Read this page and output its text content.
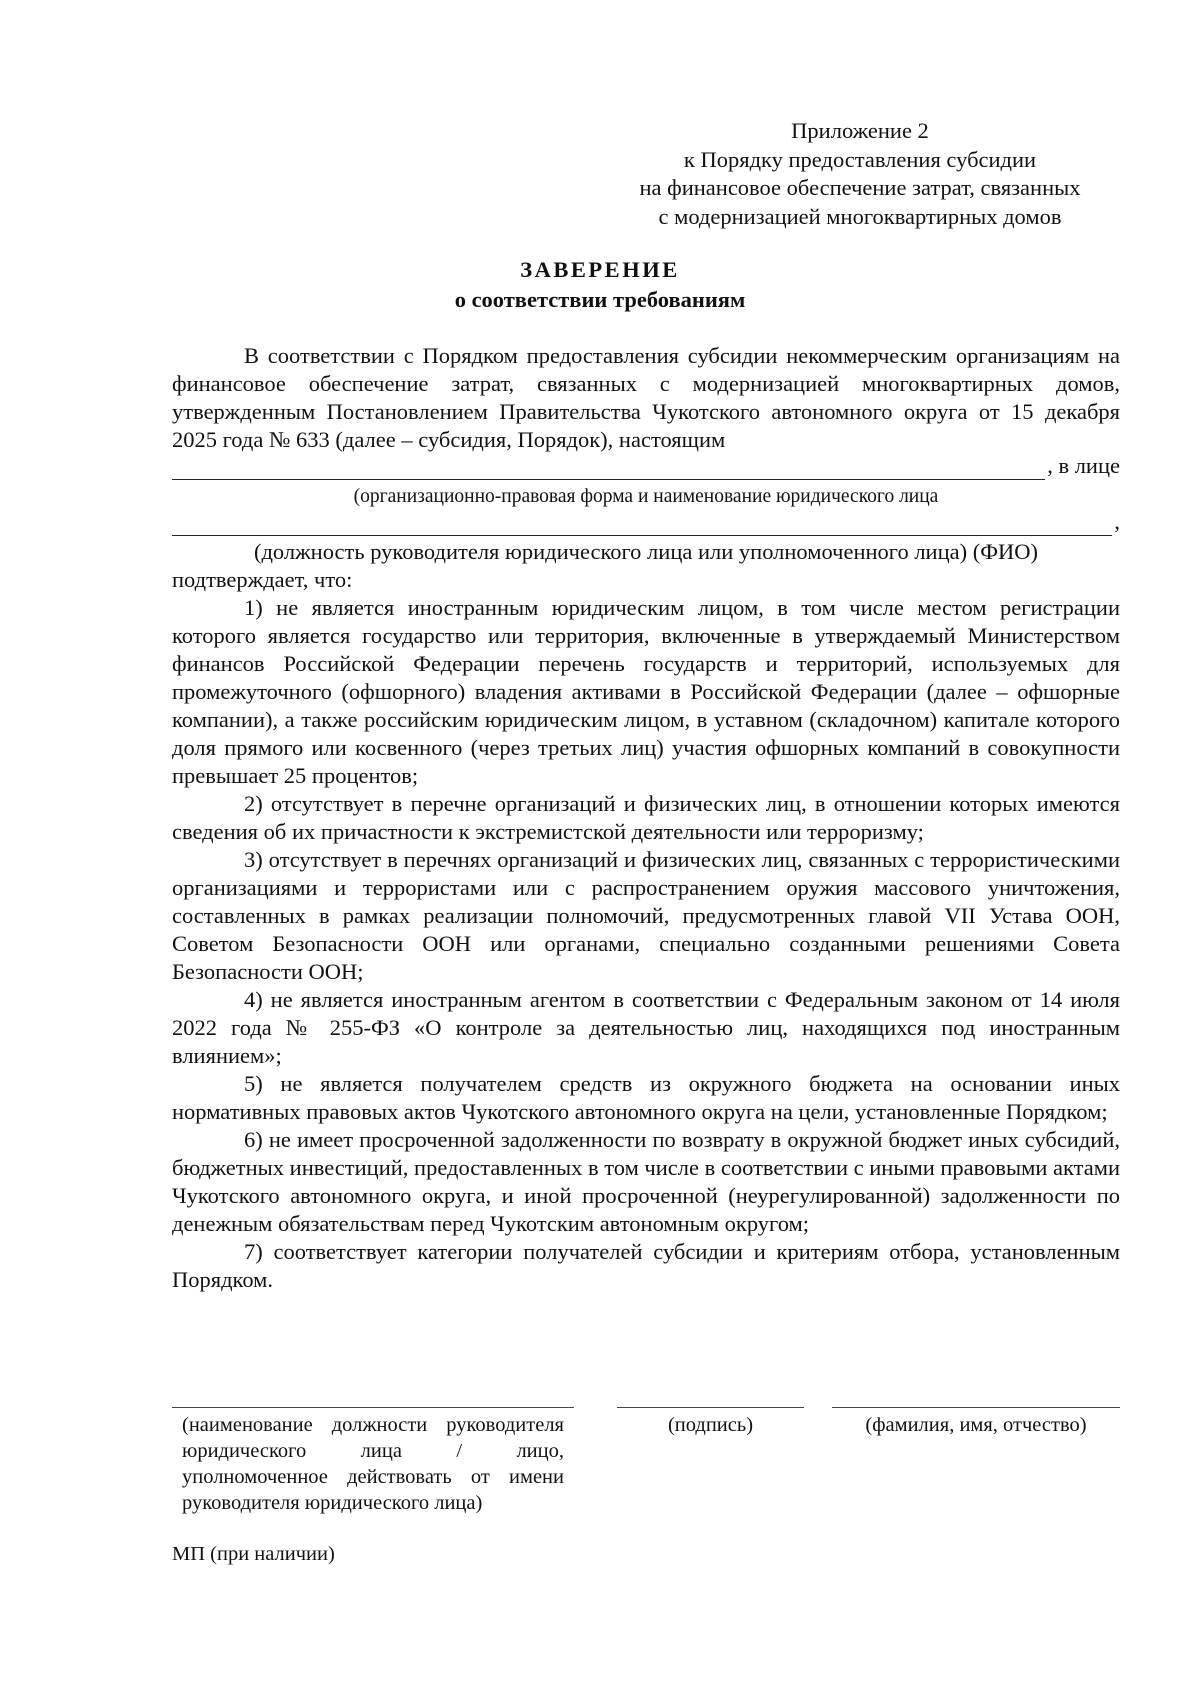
Приложение 2
к Порядку предоставления субсидии
на финансовое обеспечение затрат, связанных
с модернизацией многоквартирных домов
ЗАВЕРЕНИЕ
о соответствии требованиям

В соответствии с Порядком предоставления субсидии некоммерческим организациям на финансовое обеспечение затрат, связанных с модернизацией многоквартирных домов, утвержденным Постановлением Правительства Чукотского автономного округа от 15 декабря 2025 года № 633 (далее – субсидия, Порядок), настоящим

, в лице
(организационно-правовая форма и наименование юридического лица
,
(должность руководителя юридического лица или уполномоченного лица) (ФИО)

подтверждает, что:

1) не является иностранным юридическим лицом, в том числе местом регистрации которого является государство или территория, включенные в утверждаемый Министерством финансов Российской Федерации перечень государств и территорий, используемых для промежуточного (офшорного) владения активами в Российской Федерации (далее – офшорные компании), а также российским юридическим лицом, в уставном (складочном) капитале которого доля прямого или косвенного (через третьих лиц) участия офшорных компаний в совокупности превышает 25 процентов;

2) отсутствует в перечне организаций и физических лиц, в отношении которых имеются сведения об их причастности к экстремистской деятельности или терроризму;

3) отсутствует в перечнях организаций и физических лиц, связанных с террористическими организациями и террористами или с распространением оружия массового уничтожения, составленных в рамках реализации полномочий, предусмотренных главой VII Устава ООН, Советом Безопасности ООН или органами, специально созданными решениями Совета Безопасности ООН;

4) не является иностранным агентом в соответствии с Федеральным законом от 14 июля 2022 года № 255-ФЗ «О контроле за деятельностью лиц, находящихся под иностранным влиянием»;

5) не является получателем средств из окружного бюджета на основании иных нормативных правовых актов Чукотского автономного округа на цели, установленные Порядком;

6) не имеет просроченной задолженности по возврату в окружной бюджет иных субсидий, бюджетных инвестиций, предоставленных в том числе в соответствии с иными правовыми актами Чукотского автономного округа, и иной просроченной (неурегулированной) задолженности по денежным обязательствам перед Чукотским автономным округом;

7) соответствует категории получателей субсидии и критериям отбора, установленным Порядком.

(наименование должности руководителя юридического лица / лицо, уполномоченное действовать от имени руководителя юридического лица)
(подпись)	(фамилия, имя, отчество)
МП (при наличии)
